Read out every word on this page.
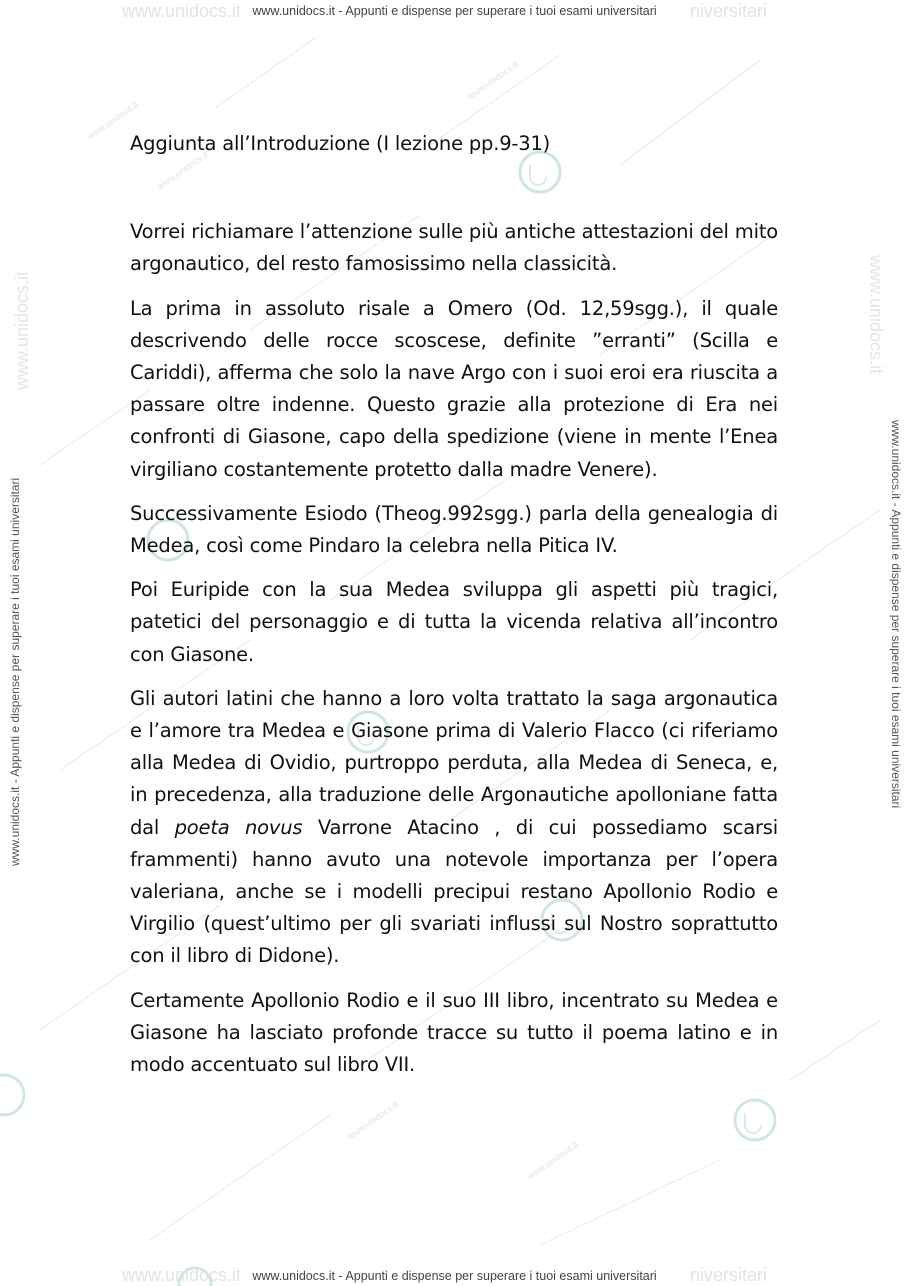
www.unidocs.it	niversitari
www.unidocs.it	niversitari
www.unidocs.it	www.unidocs.it
www.unidocs.it
www.unidocs.it
www.unidocs.it
www.unidocs.it
www.unidocs.it
www.unidocs.it - Appunti e dispense per superare i tuoi esami universitari
www.unidocs.it - Appunti e dispense per superare i tuoi esami universitari
www.unidocs.it - Appunti e dispense per superare i tuoi esami universitari	www.unidocs.it - Appunti e dispense per superare i tuoi esami universitari

Aggiunta all’Introduzione (I lezione pp.9-31)

Vorrei richiamare l’attenzione sulle più antiche attestazioni del mito argonautico, del resto famosissimo nella classicità.

La prima in assoluto risale a Omero (Od. 12,59sgg.), il quale descrivendo delle rocce scoscese, definite ”erranti” (Scilla e Cariddi), afferma che solo la nave Argo con i suoi eroi era riuscita a passare oltre indenne. Questo grazie alla protezione di Era nei confronti di Giasone, capo della spedizione (viene in mente l’Enea virgiliano costantemente protetto dalla madre Venere).

Successivamente Esiodo (Theog.992sgg.) parla della genealogia di Medea, così come Pindaro la celebra nella Pitica IV.

Poi Euripide con la sua Medea sviluppa gli aspetti più tragici, patetici del personaggio e di tutta la vicenda relativa all’incontro con Giasone.

Gli autori latini che hanno a loro volta trattato la saga argonautica e l’amore tra Medea e Giasone prima di Valerio Flacco (ci riferiamo alla Medea di Ovidio, purtroppo perduta, alla Medea di Seneca, e, in precedenza, alla traduzione delle Argonautiche apolloniane fatta dal poeta novus Varrone Atacino , di cui possediamo scarsi frammenti) hanno avuto una notevole importanza per l’opera valeriana, anche se i modelli precipui restano Apollonio Rodio e Virgilio (quest’ultimo per gli svariati influssi sul Nostro soprattutto con il libro di Didone).

Certamente Apollonio Rodio e il suo III libro, incentrato su Medea e Giasone ha lasciato profonde tracce su tutto il poema latino e in modo accentuato sul libro VII.
